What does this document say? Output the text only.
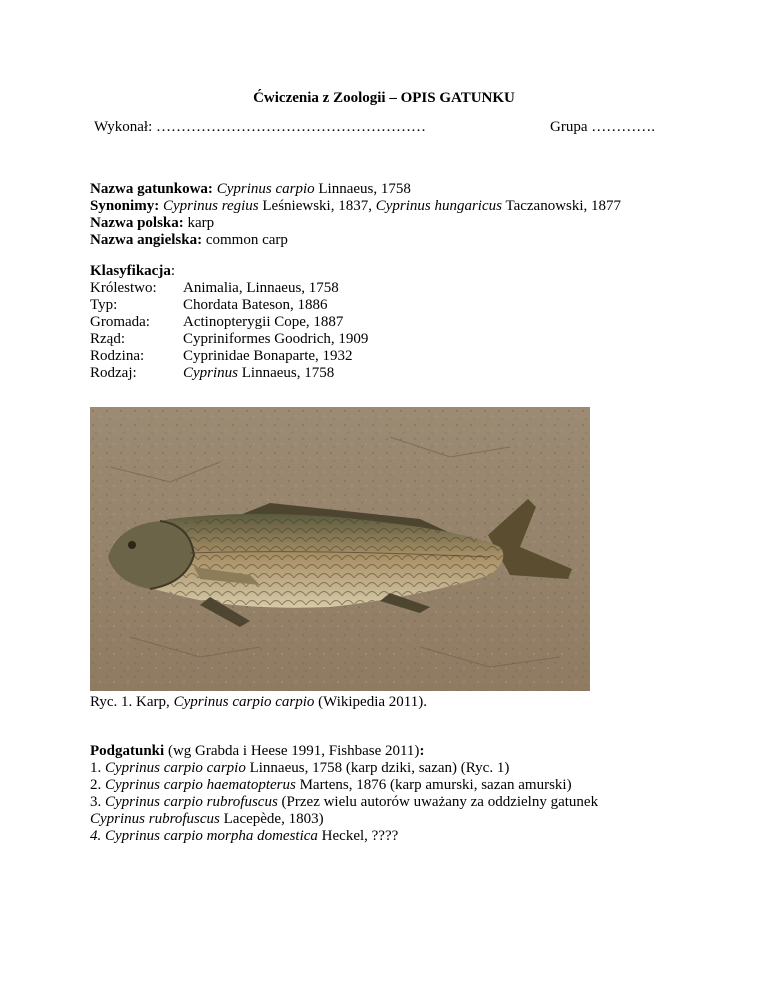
Ćwiczenia z Zoologii – OPIS GATUNKU
Wykonał: ………………………………………………	Grupa ………….
Nazwa gatunkowa: Cyprinus carpio Linnaeus, 1758
Synonimy: Cyprinus regius Leśniewski, 1837, Cyprinus hungaricus Taczanowski, 1877
Nazwa polska: karp
Nazwa angielska: common carp
Klasyfikacja:
Królestwo: Animalia, Linnaeus, 1758
Typ:	Chordata Bateson, 1886
Gromada: Actinopterygii Cope, 1887
Rząd:	Cypriniformes Goodrich, 1909
Rodzina:	Cyprinidae Bonaparte, 1932
Rodzaj:	Cyprinus Linnaeus, 1758
Ryc. 1. Karp, Cyprinus carpio carpio (Wikipedia 2011).
Podgatunki (wg Grabda i Heese 1991, Fishbase 2011):
1. Cyprinus carpio carpio Linnaeus, 1758 (karp dziki, sazan) (Ryc. 1)
2. Cyprinus carpio haematopterus Martens, 1876 (karp amurski, sazan amurski)
3. Cyprinus carpio rubrofuscus (Przez wielu autorów uważany za oddzielny gatunek
Cyprinus rubrofuscus Lacepède, 1803)
4. Cyprinus carpio morpha domestica Heckel, ????
